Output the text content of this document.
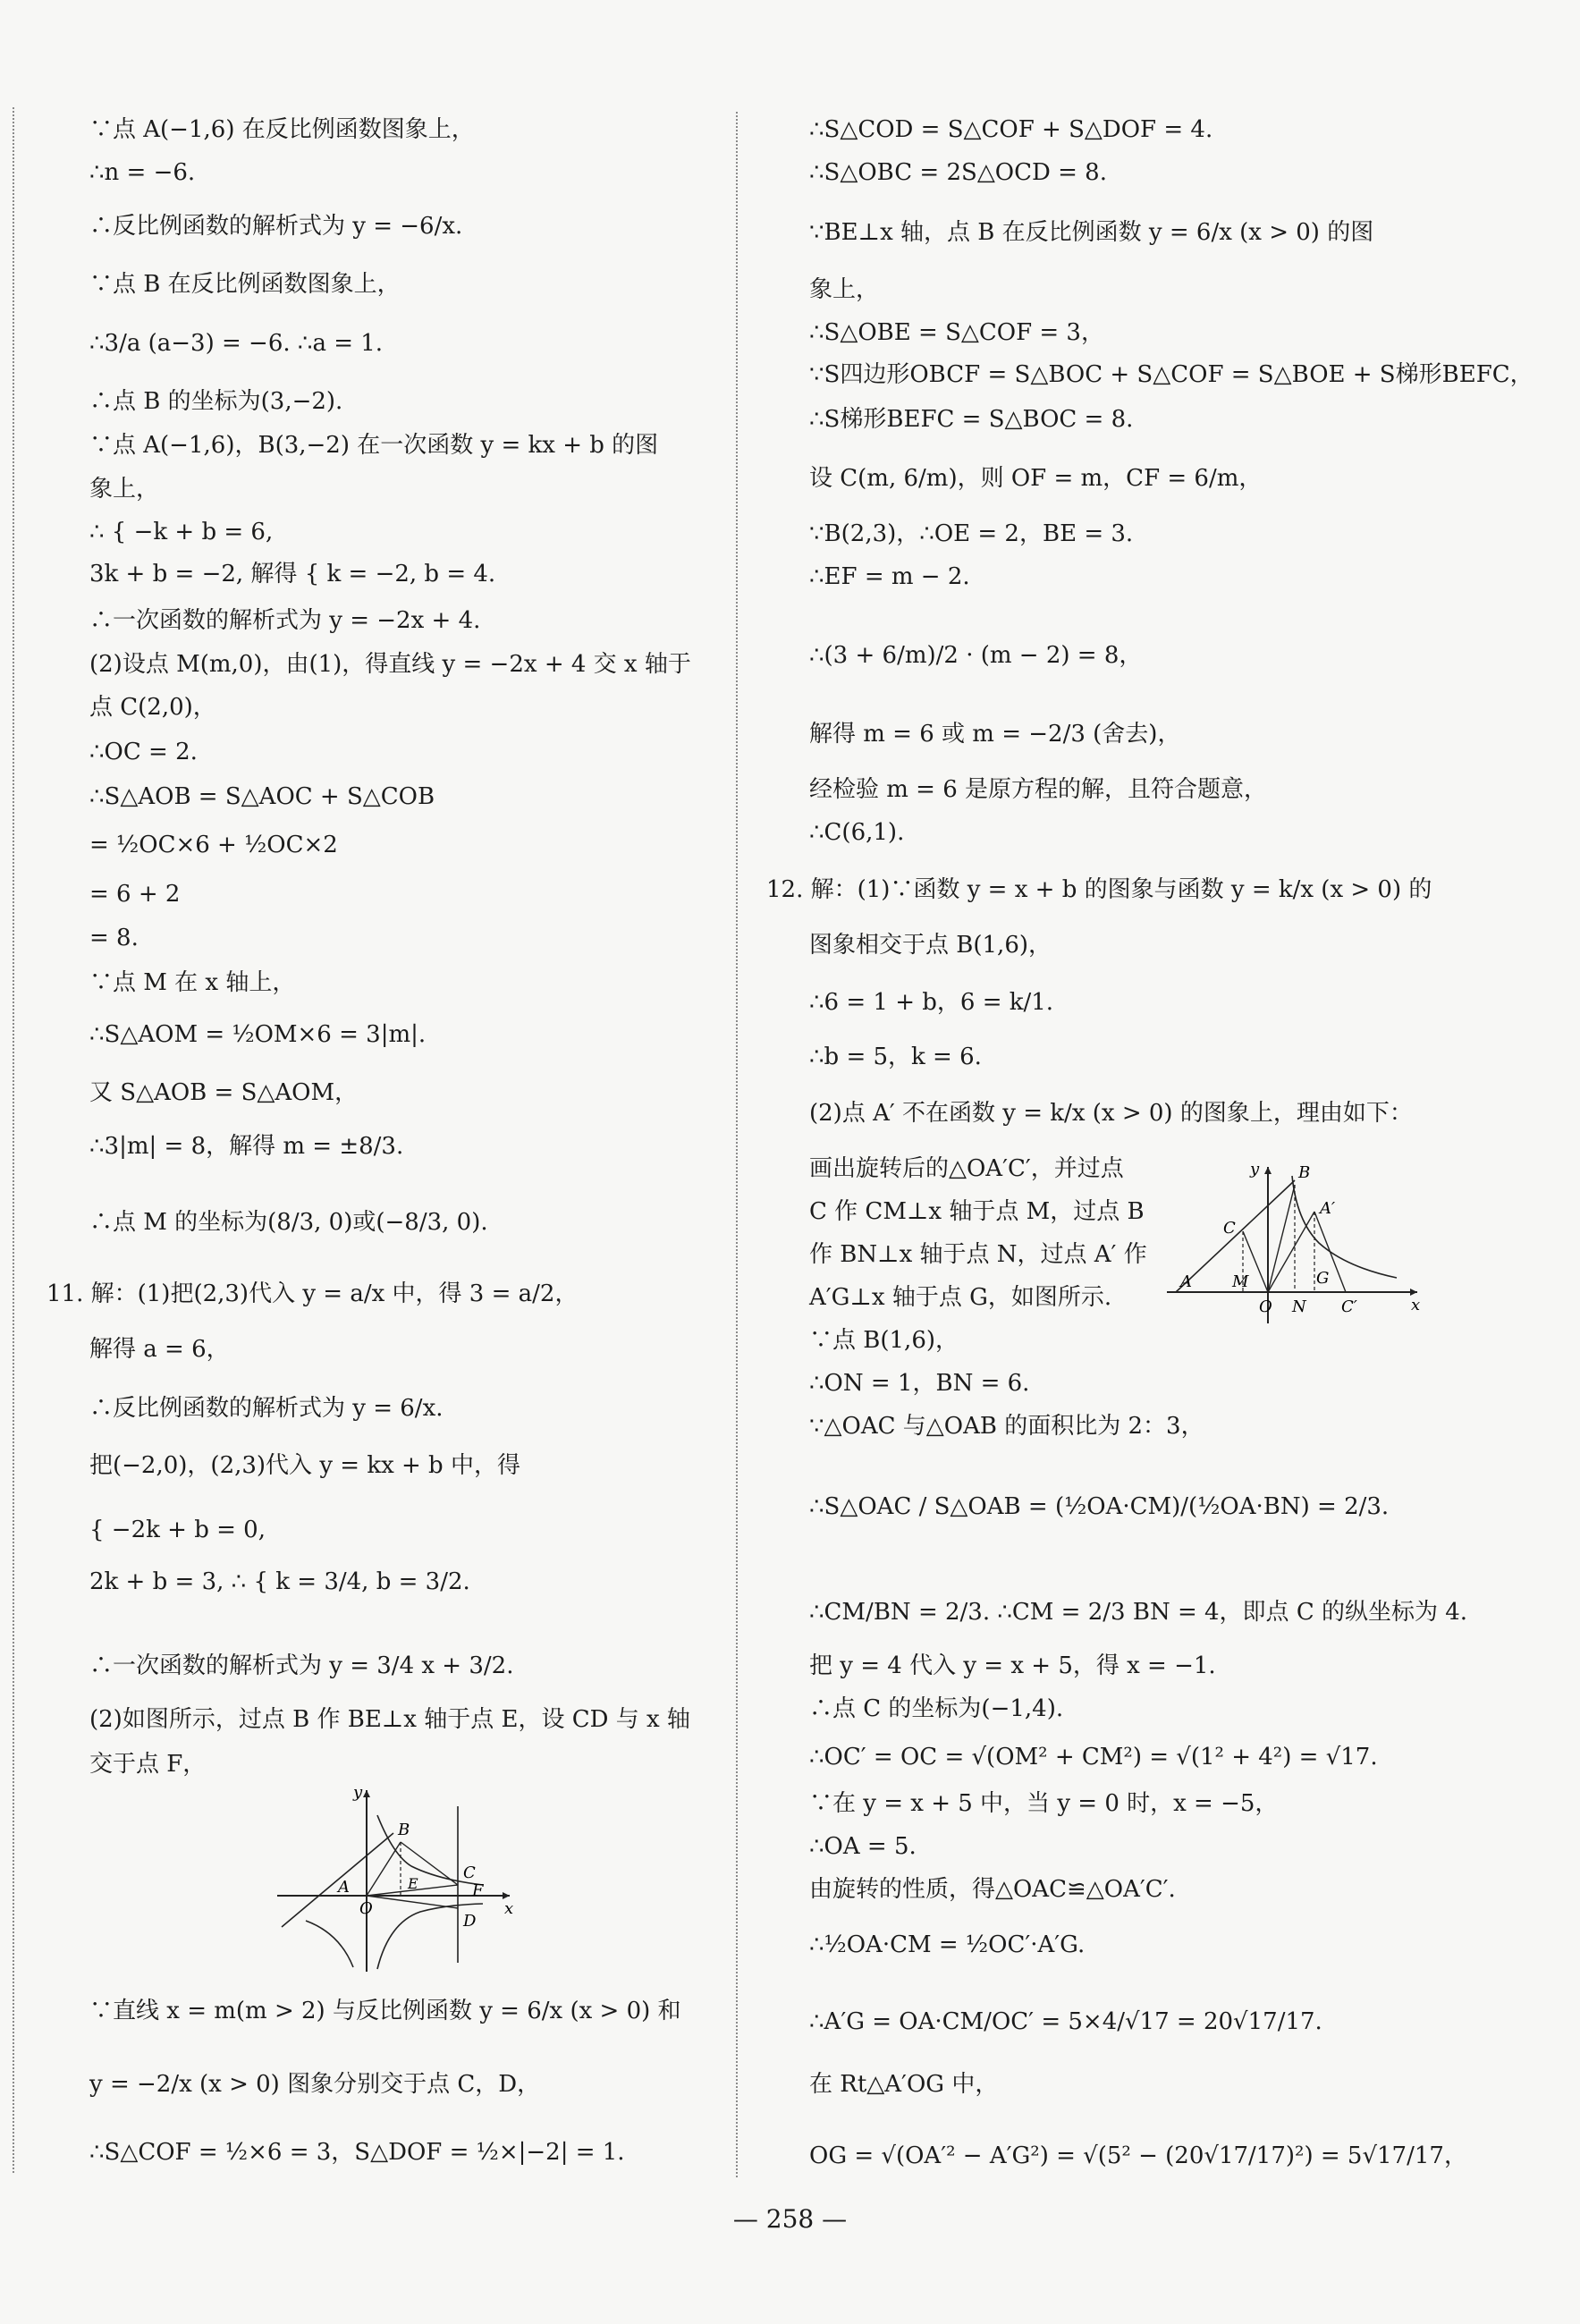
∵点 A(−1,6) 在反比例函数图象上，
∴n = −6.
∴反比例函数的解析式为 y = −6/x.
∵点 B 在反比例函数图象上，
∴3/a (a−3) = −6. ∴a = 1.
∴点 B 的坐标为(3,−2).
∵点 A(−1,6)，B(3,−2) 在一次函数 y = kx + b 的图
象上，
∴ { −k + b = 6,
3k + b = −2, 解得 { k = −2, b = 4.
∴一次函数的解析式为 y = −2x + 4.
(2)设点 M(m,0)，由(1)，得直线 y = −2x + 4 交 x 轴于
点 C(2,0)，
∴OC = 2.
∴S△AOB = S△AOC + S△COB
= ½OC×6 + ½OC×2
= 6 + 2
= 8.
∵点 M 在 x 轴上，
∴S△AOM = ½OM×6 = 3|m|.
又 S△AOB = S△AOM，
∴3|m| = 8，解得 m = ±8/3.
∴点 M 的坐标为(8/3, 0)或(−8/3, 0).
11. 解：(1)把(2,3)代入 y = a/x 中，得 3 = a/2，
解得 a = 6，
∴反比例函数的解析式为 y = 6/x.
把(−2,0)，(2,3)代入 y = kx + b 中，得
{ −2k + b = 0,
2k + b = 3, ∴ { k = 3/4, b = 3/2.
∴一次函数的解析式为 y = 3/4 x + 3/2.
(2)如图所示，过点 B 作 BE⊥x 轴于点 E，设 CD 与 x 轴
交于点 F，
∵直线 x = m(m > 2) 与反比例函数 y = 6/x (x > 0) 和
y = −2/x (x > 0) 图象分别交于点 C，D，
∴S△COF = ½×6 = 3，S△DOF = ½×|−2| = 1.
y
B
A	E
C
F
O
D
x
∴S△COD = S△COF + S△DOF = 4.
∴S△OBC = 2S△OCD = 8.
∵BE⊥x 轴，点 B 在反比例函数 y = 6/x (x > 0) 的图
象上，
∴S△OBE = S△COF = 3，
∵S四边形OBCF = S△BOC + S△COF = S△BOE + S梯形BEFC，
∴S梯形BEFC = S△BOC = 8.
设 C(m, 6/m)，则 OF = m，CF = 6/m，
∵B(2,3)，∴OE = 2，BE = 3.
∴EF = m − 2.
∴(3 + 6/m)/2 · (m − 2) = 8，
解得 m = 6 或 m = −2/3 (舍去)，
经检验 m = 6 是原方程的解，且符合题意，
∴C(6,1).
12. 解：(1)∵函数 y = x + b 的图象与函数 y = k/x (x > 0) 的
图象相交于点 B(1,6)，
∴6 = 1 + b，6 = k/1.
∴b = 5，k = 6.
(2)点 A′ 不在函数 y = k/x (x > 0) 的图象上，理由如下：
画出旋转后的△OA′C′，并过点
C 作 CM⊥x 轴于点 M，过点 B
作 BN⊥x 轴于点 N，过点 A′ 作
A′G⊥x 轴于点 G，如图所示.
∵点 B(1,6)，
∴ON = 1，BN = 6.
∵△OAC 与△OAB 的面积比为 2：3，
∴S△OAC / S△OAB = (½OA·CM)/(½OA·BN) = 2/3.
∴CM/BN = 2/3. ∴CM = 2/3 BN = 4，即点 C 的纵坐标为 4.
把 y = 4 代入 y = x + 5，得 x = −1.
∴点 C 的坐标为(−1,4).
∴OC′ = OC = √(OM² + CM²) = √(1² + 4²) = √17.
∵在 y = x + 5 中，当 y = 0 时，x = −5，
∴OA = 5.
由旋转的性质，得△OAC≌△OA′C′.
∴½OA·CM = ½OC′·A′G.
∴A′G = OA·CM/OC′ = 5×4/√17 = 20√17/17.
在 Rt△A′OG 中，
OG = √(OA′² − A′G²) = √(5² − (20√17/17)²) = 5√17/17，
y B
A′
C
A	M	G
O N C′	x
— 258 —
